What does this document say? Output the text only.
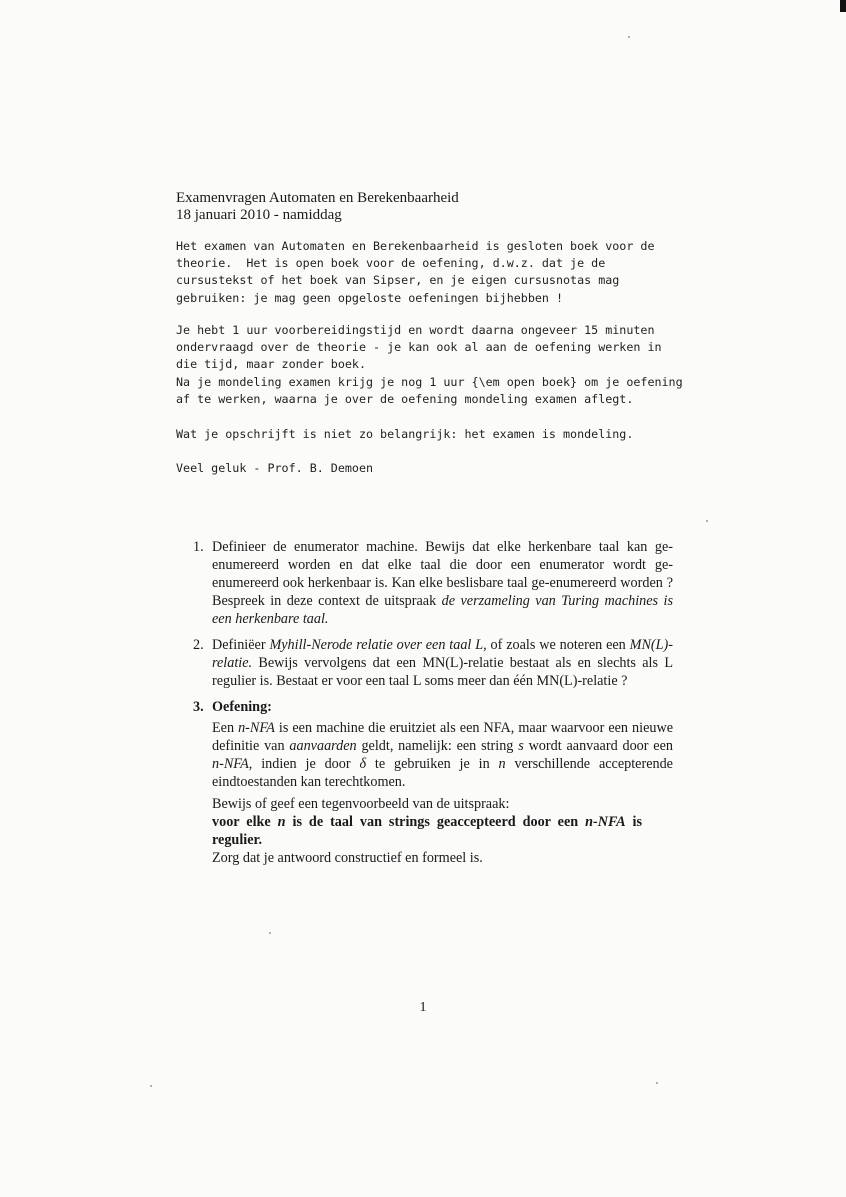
Examenvragen Automaten en Berekenbaarheid
18 januari 2010 - namiddag
Het examen van Automaten en Berekenbaarheid is gesloten boek voor de
theorie.  Het is open boek voor de oefening, d.w.z. dat je de
cursustekst of het boek van Sipser, en je eigen cursusnotas mag
gebruiken: je mag geen opgeloste oefeningen bijhebben !
Je hebt 1 uur voorbereidingstijd en wordt daarna ongeveer 15 minuten
ondervraagd over de theorie - je kan ook al aan de oefening werken in
die tijd, maar zonder boek.
Na je mondeling examen krijg je nog 1 uur {\em open boek} om je oefening
af te werken, waarna je over de oefening mondeling examen aflegt.
Wat je opschrijft is niet zo belangrijk: het examen is mondeling.
Veel geluk - Prof. B. Demoen
1. Definieer de enumerator machine. Bewijs dat elke herkenbare taal kan ge-enumereerd worden en dat elke taal die door een enumerator wordt ge-enumereerd ook herkenbaar is. Kan elke beslisbare taal ge-enumereerd worden ? Bespreek in deze context de uitspraak de verzameling van Turing machines is een herkenbare taal.
2. Definiëer Myhill-Nerode relatie over een taal L, of zoals we noteren een MN(L)-relatie. Bewijs vervolgens dat een MN(L)-relatie bestaat als en slechts als L regulier is. Bestaat er voor een taal L soms meer dan één MN(L)-relatie ?
3. Oefening:

Een n-NFA is een machine die eruitziet als een NFA, maar waarvoor een nieuwe definitie van aanvaarden geldt, namelijk: een string s wordt aanvaard door een n-NFA, indien je door δ te gebruiken je in n verschillende accepterende eindtoestanden kan terechtkomen.

Bewijs of geef een tegenvoorbeeld van de uitspraak:

voor elke n is de taal van strings geaccepteerd door een n-NFA is regulier.

Zorg dat je antwoord constructief en formeel is.

1
